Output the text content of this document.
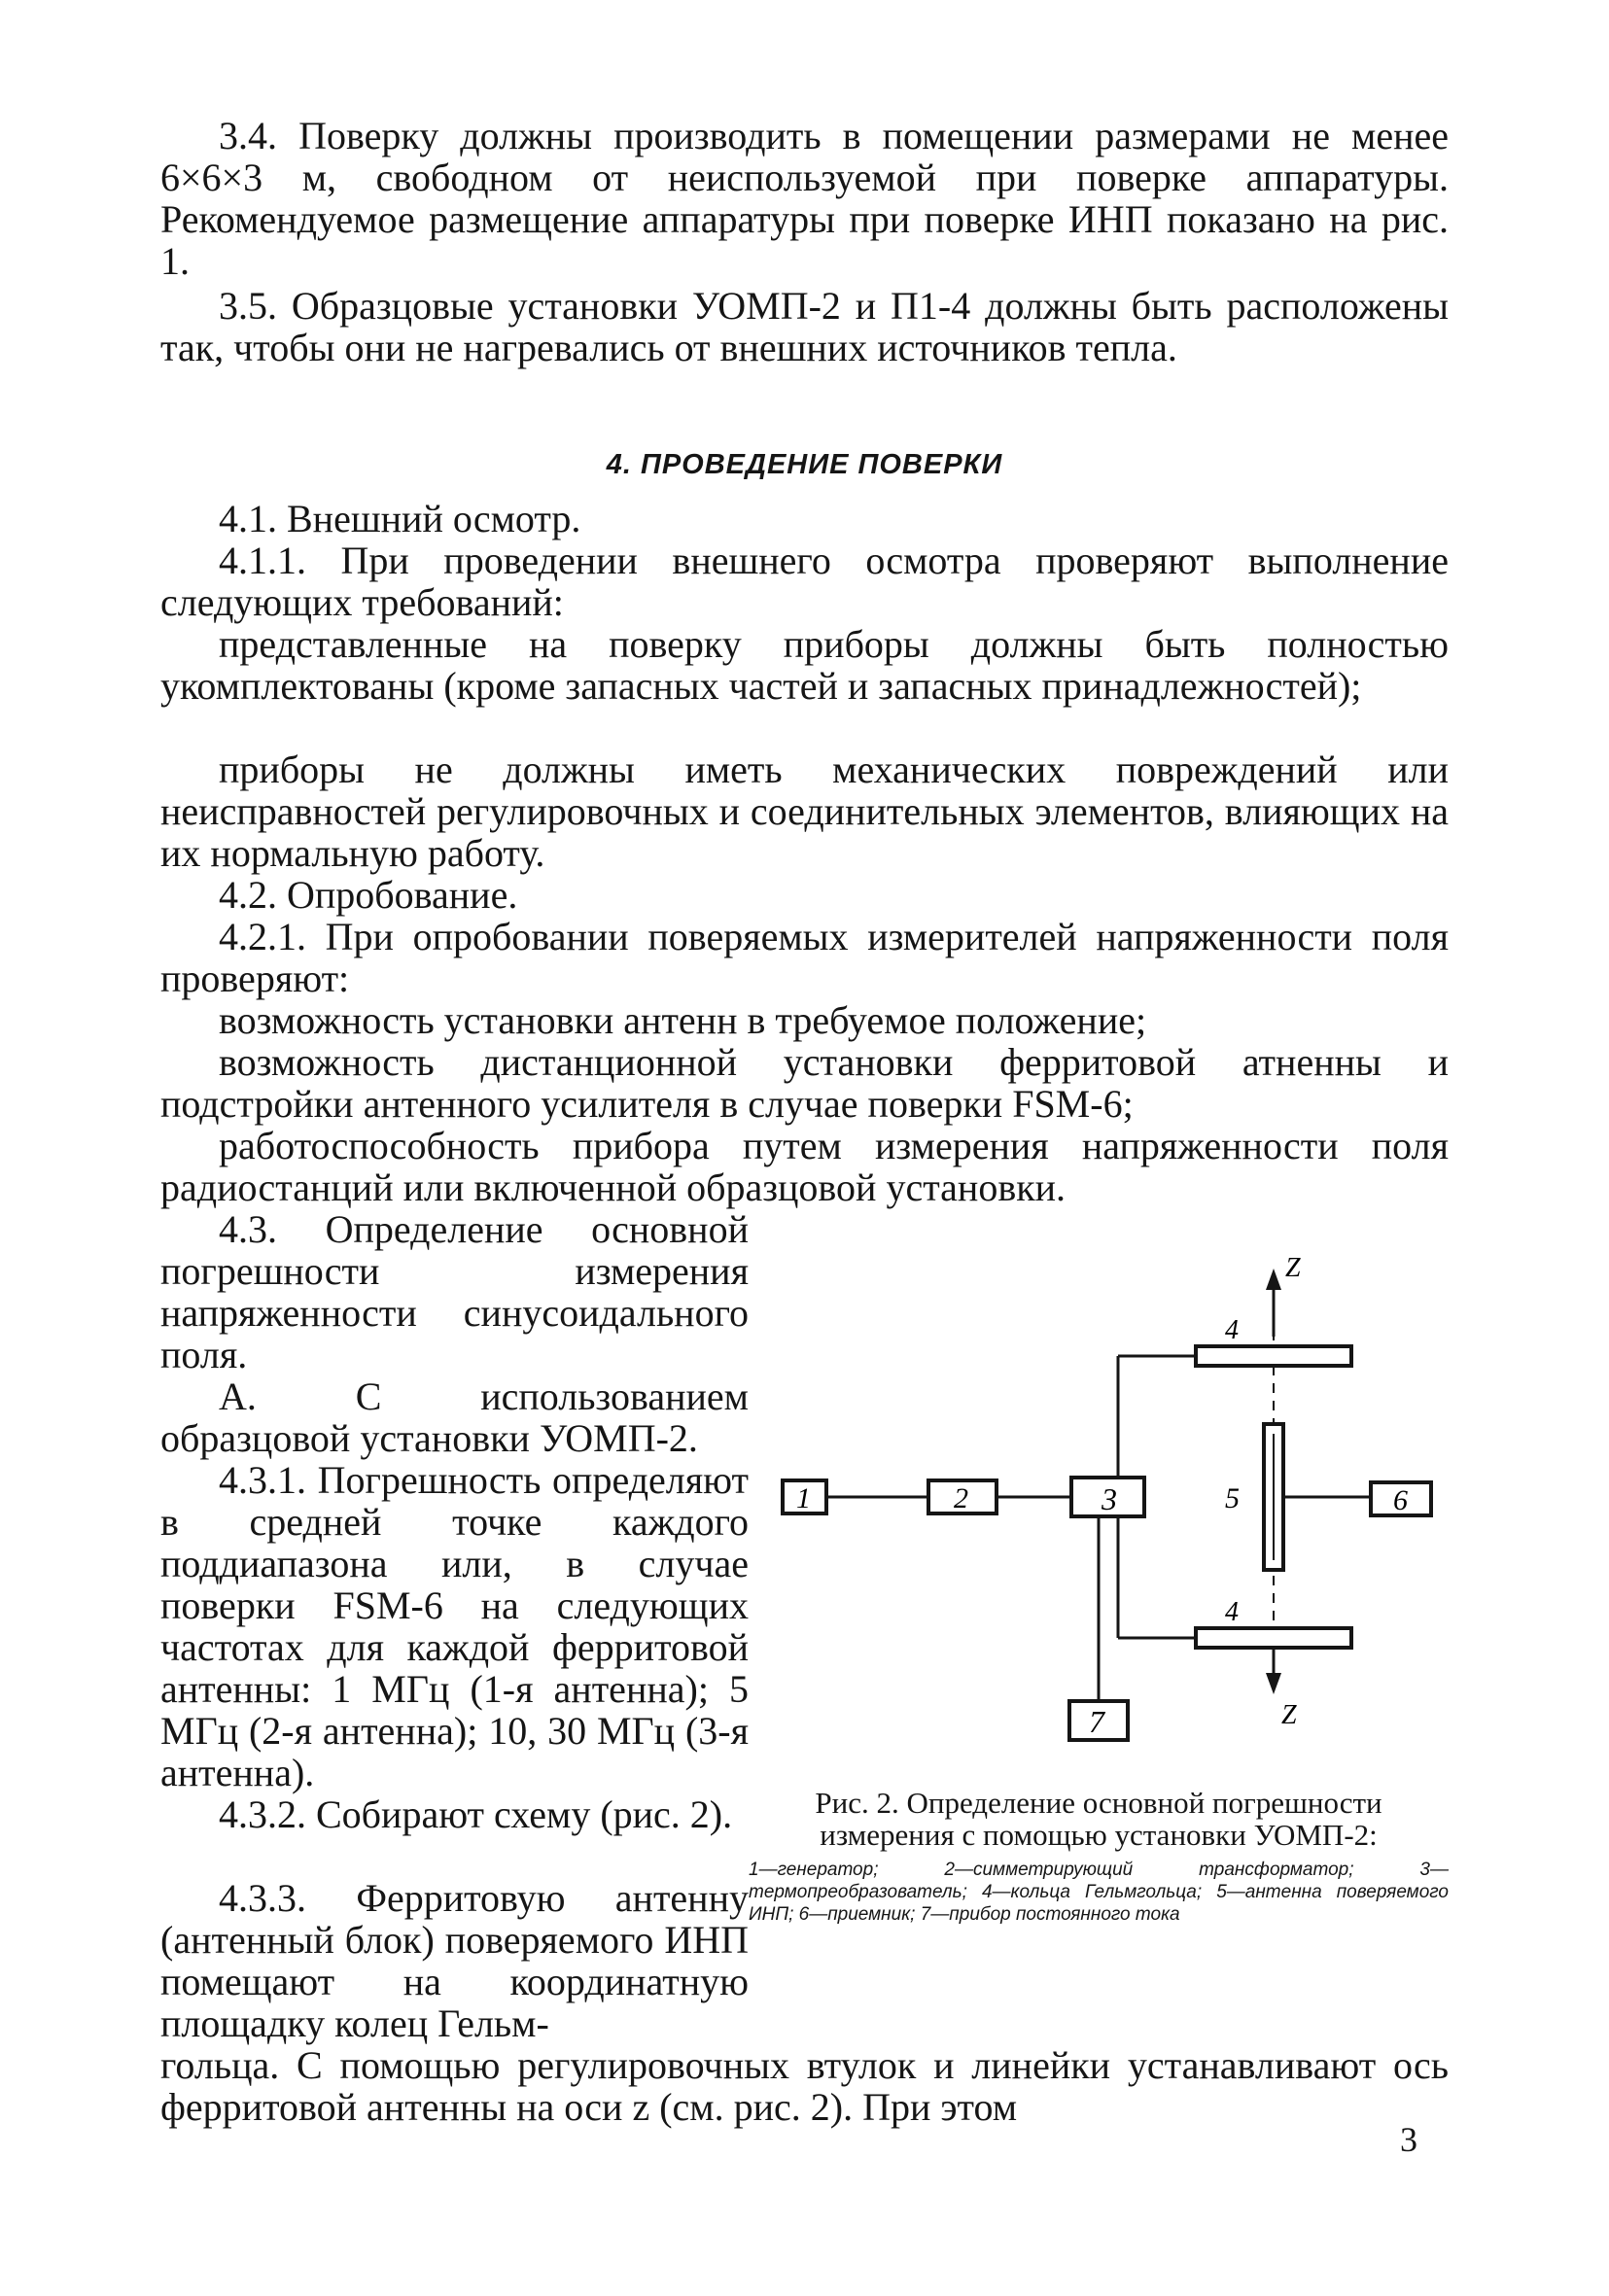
3.4. Поверку должны производить в помещении размерами не менее 6×6×3 м, свободном от неиспользуемой при поверке аппаратуры. Рекомендуемое размещение аппаратуры при поверке ИНП показано на рис. 1.

3.5. Образцовые установки УОМП-2 и П1-4 должны быть расположены так, чтобы они не нагревались от внешних источников тепла.

4. ПРОВЕДЕНИЕ ПОВЕРКИ

4.1. Внешний осмотр.

4.1.1. При проведении внешнего осмотра проверяют выполнение следующих требований:

представленные на поверку приборы должны быть полностью укомплектованы (кроме запасных частей и запасных принадлежностей);

приборы не должны иметь механических повреждений или неисправностей регулировочных и соединительных элементов, влияющих на их нормальную работу.

4.2. Опробование.

4.2.1. При опробовании поверяемых измерителей напряженности поля проверяют:

возможность установки антенн в требуемое положение;

возможность дистанционной установки ферритовой атненны и подстройки антенного усилителя в случае поверки FSM-6;

работоспособность прибора путем измерения напряженности поля радиостанций или включенной образцовой установки.

4.3. Определение основной погрешности измерения напряженности синусоидального поля.

А. С использованием образцовой установки УОМП-2.

4.3.1. Погрешность определяют в средней точке каждого поддиапазона или, в случае поверки FSM-6 на следующих частотах для каждой ферритовой антенны: 1 МГц (1-я антенна); 5 МГц (2-я антенна); 10, 30 МГц (3-я антенна).

4.3.2. Собирают схему (рис. 2).

4.3.3. Ферритовую антенну (антенный блок) поверяемого ИНП помещают на координатную площадку колец Гельм-

гольца. С помощью регулировочных втулок и линейки устанавливают ось ферритовой антенны на оси z (см. рис. 2). При этом

1	2	3	5	6
7
4
4
Z
Z
Рис. 2. Определение основной погрешности измерения с помощью установки УОМП-2:
1—генератор; 2—симметрирующий трансформатор; 3—термопреобразователь; 4—кольца Гельмгольца; 5—антенна поверяемого ИНП; 6—приемник; 7—прибор постоянного тока
3
